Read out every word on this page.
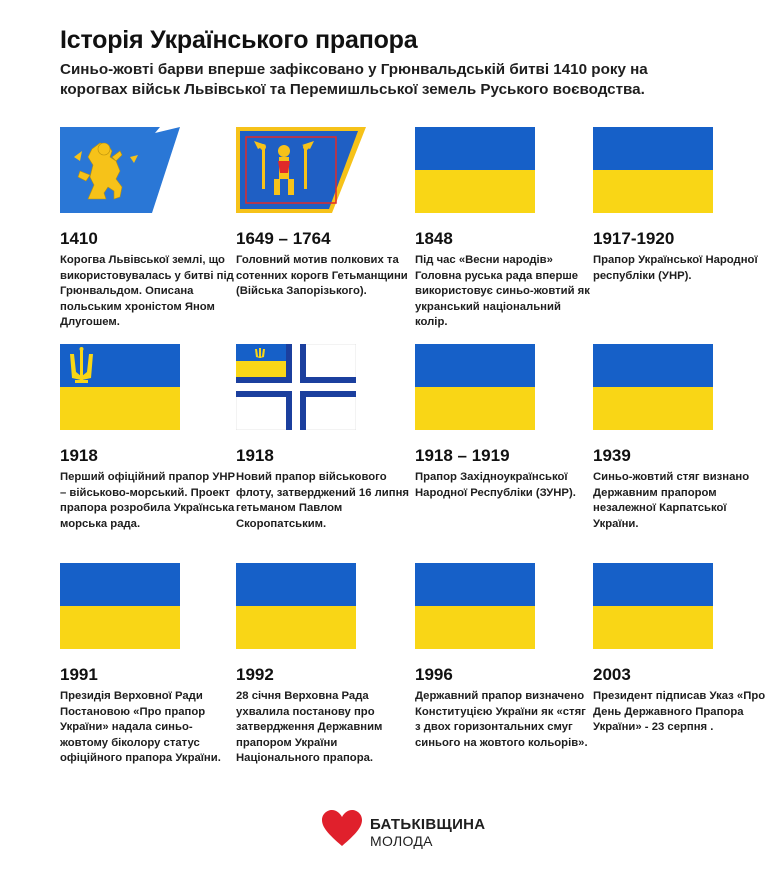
Історія Українського прапора
Синьо-жовті барви вперше зафіксовано у Грюнвальдській битві 1410 року на корогвах військ Львівської та Перемишльської земель Руського воєводства.
1410
Корогва Львівської землі, що використовувалась у битві під Грюнвальдом. Описана польським хроністом Яном Длугошем.
1649 – 1764
Головний мотив полкових та сотенних корогв Гетьманщини (Війська Запорізького).
1848
Під час «Весни народів» Головна руська рада вперше використовує синьо-жовтий як укранський національний колір.
1917-1920
Прапор Української Народної республіки (УНР).
1918
Перший офіційний прапор УНР – військово-морський. Проект прапора розробила Українська морська рада.
1918
Новий прапор військового флоту, затверджений 16 липня гетьманом Павлом Скоропатським.
1918 – 1919
Прапор Західноукраїнської Народної Республіки (ЗУНР).
1939
Синьо-жовтий стяг визнано Державним прапором незалежної Карпатської України.
1991
Президія Верховної Ради Постановою «Про прапор України» надала синьо-жовтому біколору статус офіційного прапора України.
1992
28 січня Верховна Рада ухвалила постанову про затвердження Державним прапором України Національного прапора.
1996
Державний прапор визначено Конституцією України як «стяг з двох горизонтальних смуг синього на жовтого кольорів».
2003
Президент підписав Указ «Про День Державного Прапора України» - 23 серпня .
БАТЬКІВЩИНА
МОЛОДА
